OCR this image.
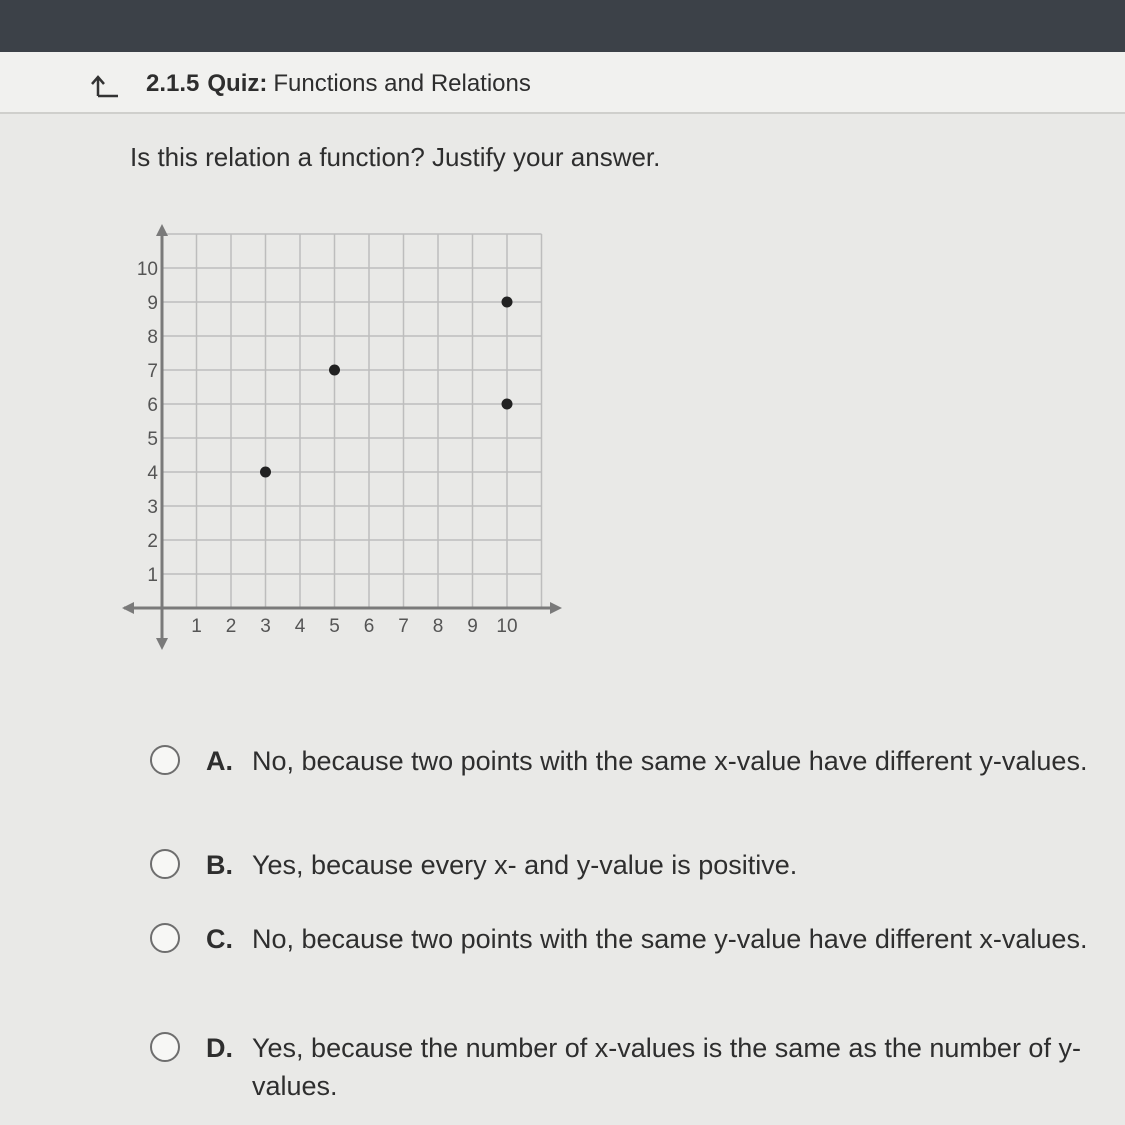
2.1.5 Quiz: Functions and Relations
Is this relation a function? Justify your answer.
1 2 3 4 5 6 7 8 9 10
1
2
3
4
5
6
7
8
9
10
A. No, because two points with the same x-value have different y-values.
B. Yes, because every x- and y-value is positive.
C. No, because two points with the same y-value have different x-values.
D. Yes, because the number of x-values is the same as the number of y-values.
